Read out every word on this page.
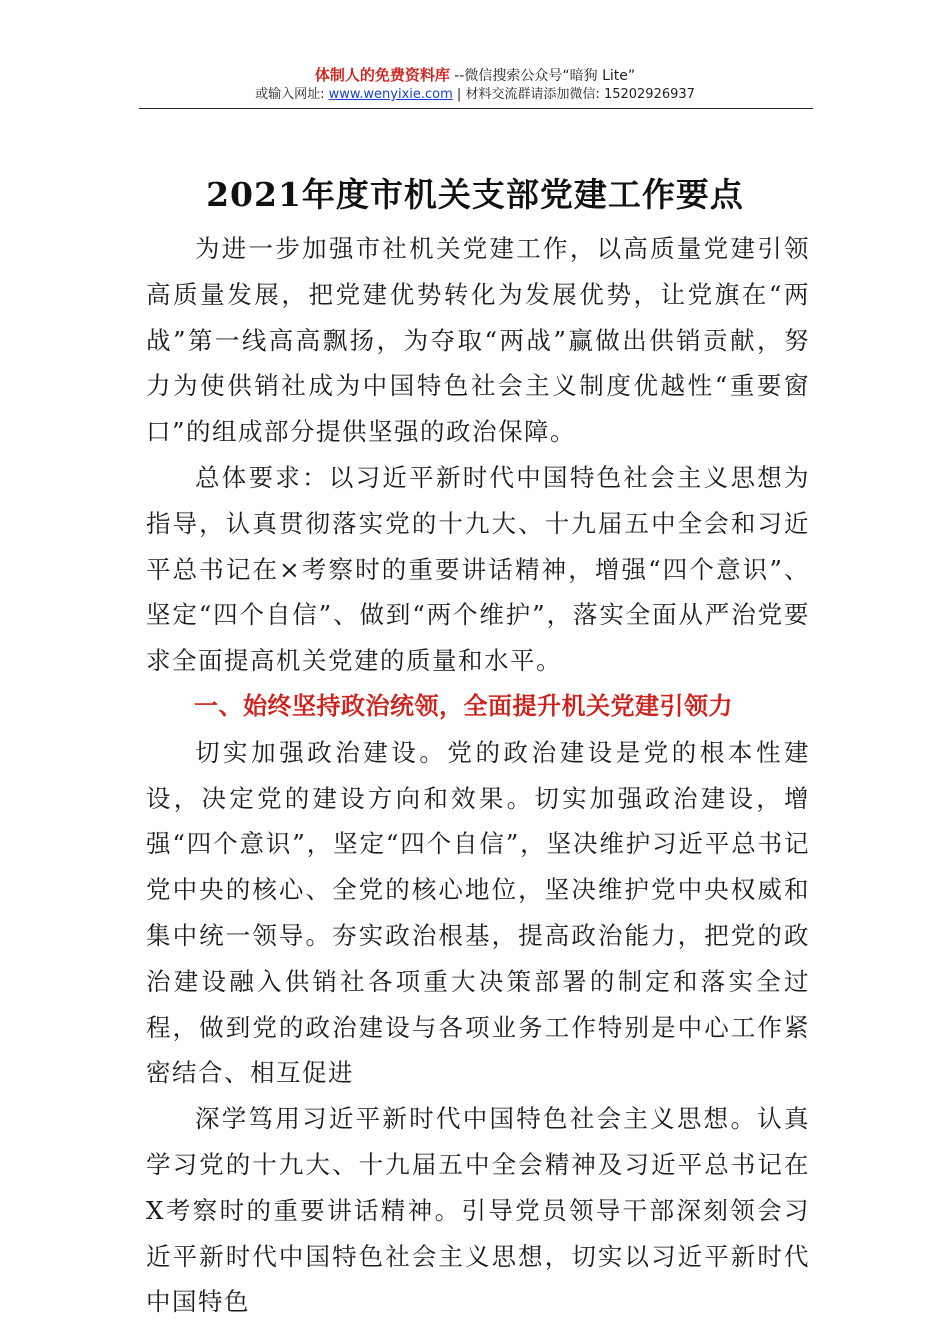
体制人的免费资料库 --微信搜索公众号“暗狗 Lite”
或输入网址: www.wenyixie.com | 材料交流群请添加微信: 15202926937
2021年度市机关支部党建工作要点

为进一步加强市社机关党建工作，以高质量党建引领高质量发展，把党建优势转化为发展优势，让党旗在“两战”第一线高高飘扬，为夺取“两战”赢做出供销贡献，努力为使供销社成为中国特色社会主义制度优越性“重要窗口”的组成部分提供坚强的政治保障。

总体要求：以习近平新时代中国特色社会主义思想为指导，认真贯彻落实党的十九大、十九届五中全会和习近平总书记在×考察时的重要讲话精神，增强“四个意识”、坚定“四个自信”、做到“两个维护”，落实全面从严治党要求全面提高机关党建的质量和水平。

一、始终坚持政治统领，全面提升机关党建引领力

切实加强政治建设。党的政治建设是党的根本性建设，决定党的建设方向和效果。切实加强政治建设，增强“四个意识”，坚定“四个自信”，坚决维护习近平总书记党中央的核心、全党的核心地位，坚决维护党中央权威和集中统一领导。夯实政治根基，提高政治能力，把党的政治建设融入供销社各项重大决策部署的制定和落实全过程，做到党的政治建设与各项业务工作特别是中心工作紧密结合、相互促进

深学笃用习近平新时代中国特色社会主义思想。认真学习党的十九大、十九届五中全会精神及习近平总书记在X考察时的重要讲话精神。引导党员领导干部深刻领会习近平新时代中国特色社会主义思想，切实以习近平新时代中国特色
